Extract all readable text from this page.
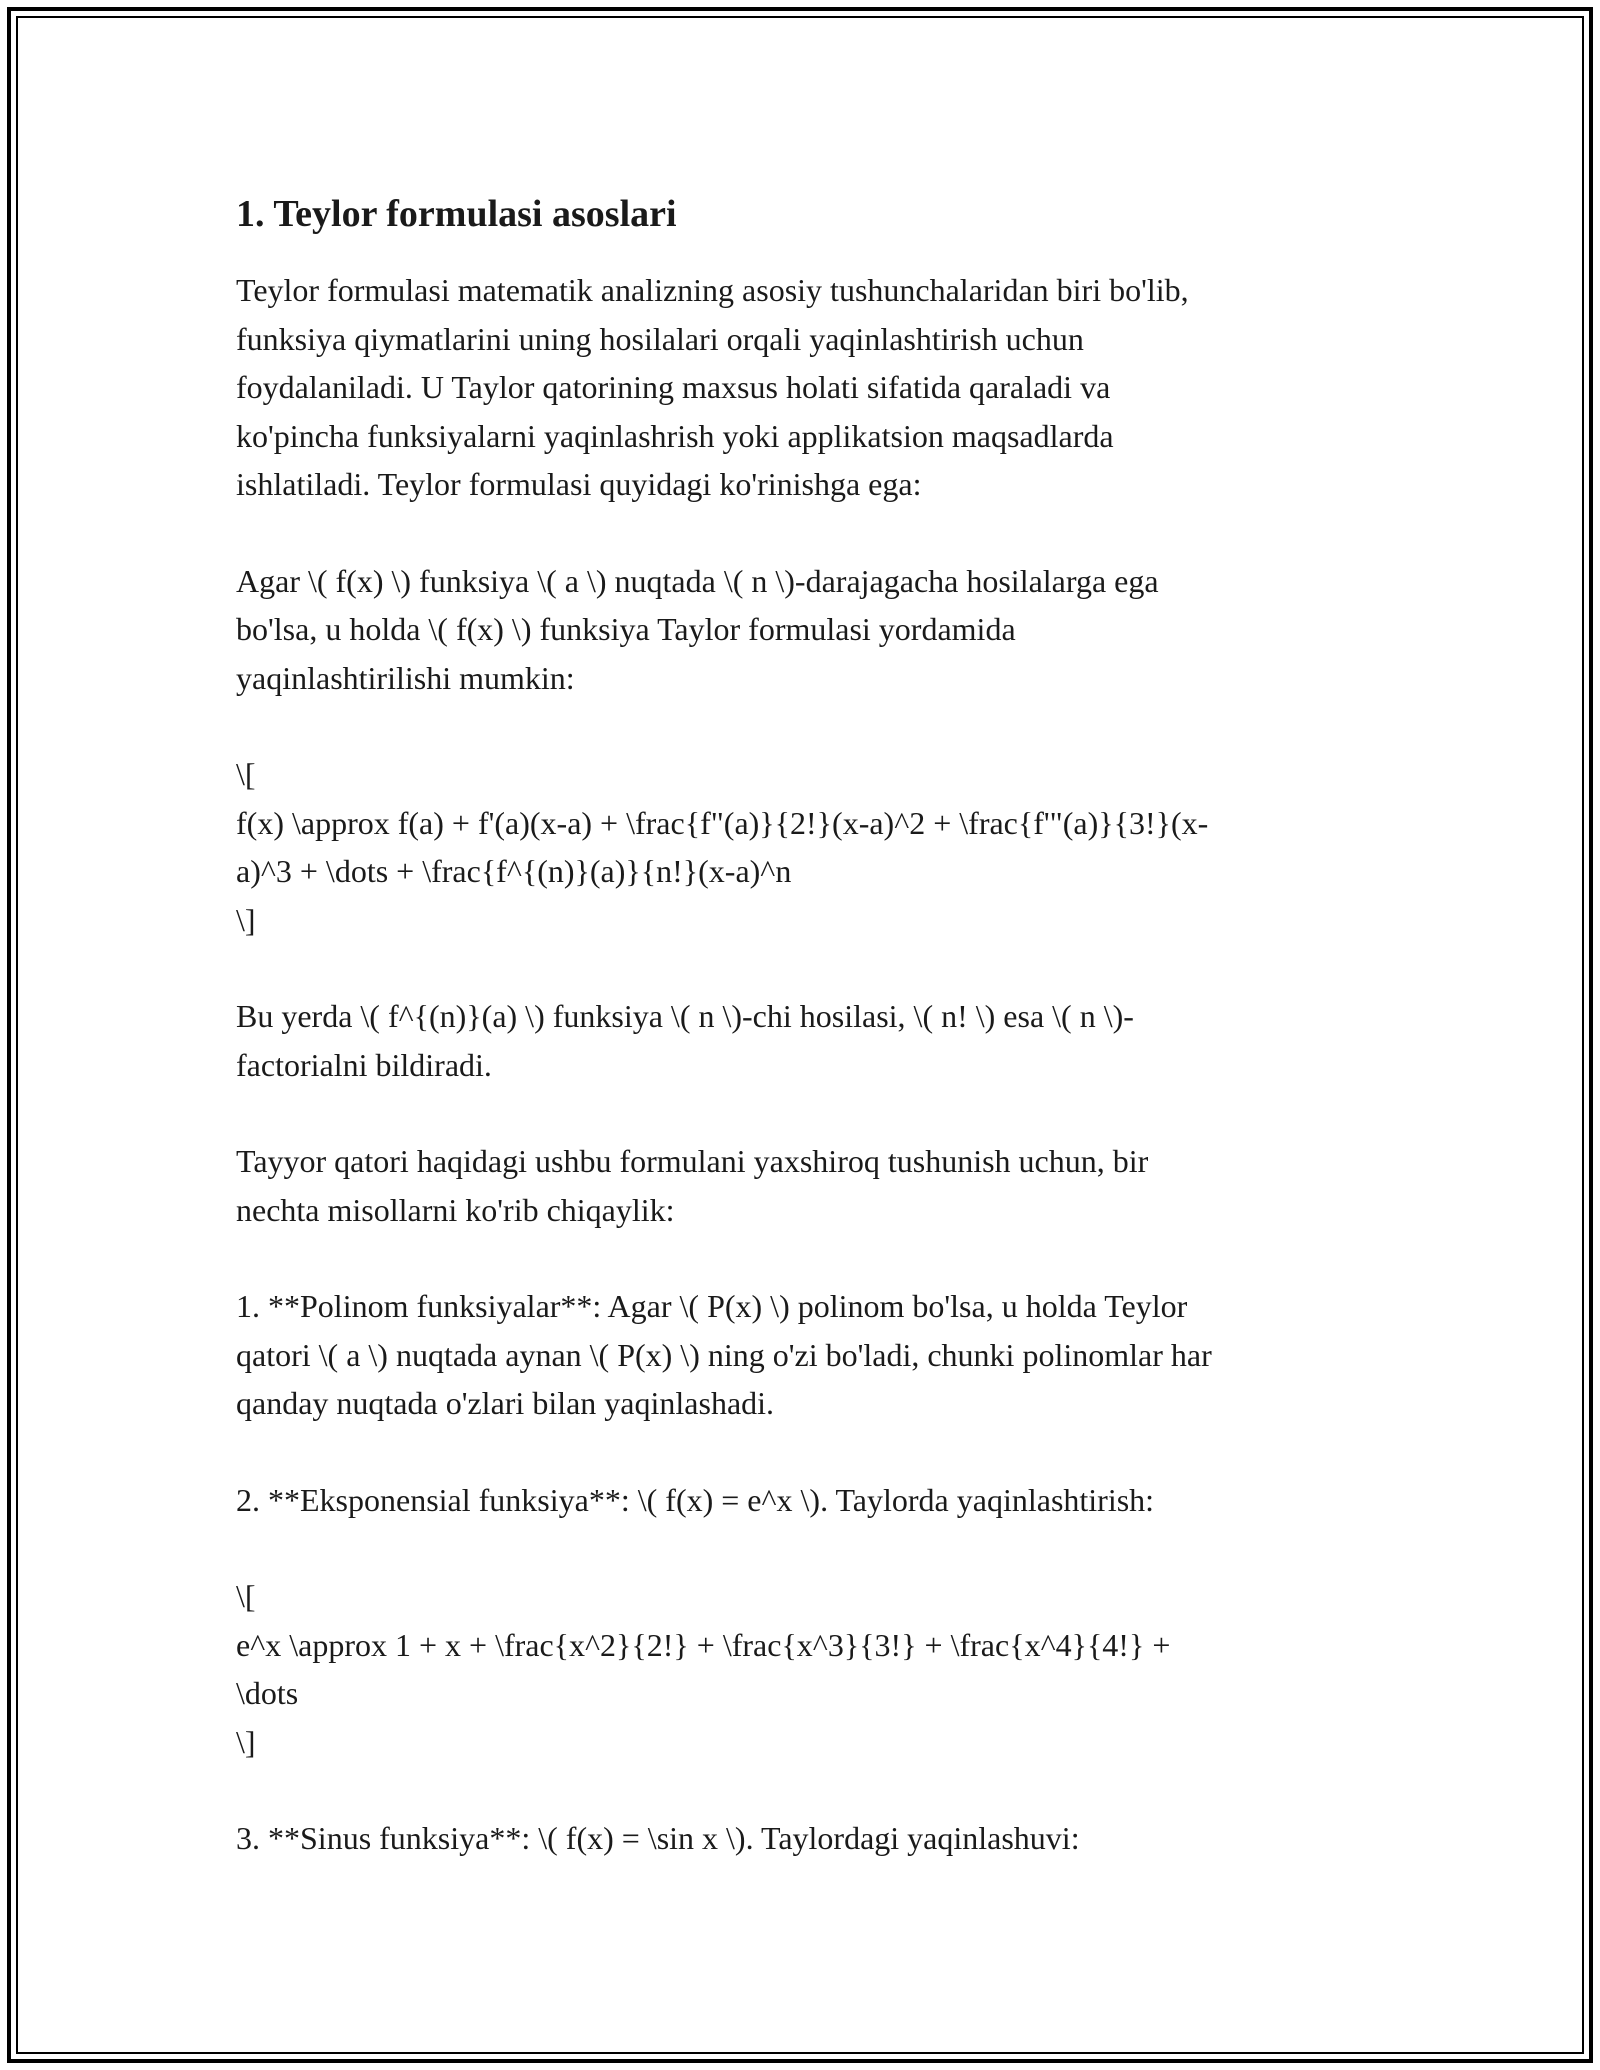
1. Teylor formulasi asoslari

Teylor formulasi matematik analizning asosiy tushunchalaridan biri bo'lib,
funksiya qiymatlarini uning hosilalari orqali yaqinlashtirish uchun
foydalaniladi. U Taylor qatorining maxsus holati sifatida qaraladi va
ko'pincha funksiyalarni yaqinlashrish yoki applikatsion maqsadlarda
ishlatiladi. Teylor formulasi quyidagi ko'rinishga ega:

Agar \( f(x) \) funksiya \( a \) nuqtada \( n \)-darajagacha hosilalarga ega
bo'lsa, u holda \( f(x) \) funksiya Taylor formulasi yordamida
yaqinlashtirilishi mumkin:

\[
f(x) \approx f(a) + f'(a)(x-a) + \frac{f"(a)}{2!}(x-a)^2 + \frac{f'"(a)}{3!}(x-
a)^3 + \dots + \frac{f^{(n)}(a)}{n!}(x-a)^n
\]

Bu yerda \( f^{(n)}(a) \) funksiya \( n \)-chi hosilasi, \( n! \) esa \( n \)-
factorialni bildiradi.

Tayyor qatori haqidagi ushbu formulani yaxshiroq tushunish uchun, bir
nechta misollarni ko'rib chiqaylik:

1. **Polinom funksiyalar**: Agar \( P(x) \) polinom bo'lsa, u holda Teylor
qatori \( a \) nuqtada aynan \( P(x) \) ning o'zi bo'ladi, chunki polinomlar har
qanday nuqtada o'zlari bilan yaqinlashadi.

2. **Eksponensial funksiya**: \( f(x) = e^x \). Taylorda yaqinlashtirish:

\[
e^x \approx 1 + x + \frac{x^2}{2!} + \frac{x^3}{3!} + \frac{x^4}{4!} +
\dots
\]

3. **Sinus funksiya**: \( f(x) = \sin x \). Taylordagi yaqinlashuvi:
